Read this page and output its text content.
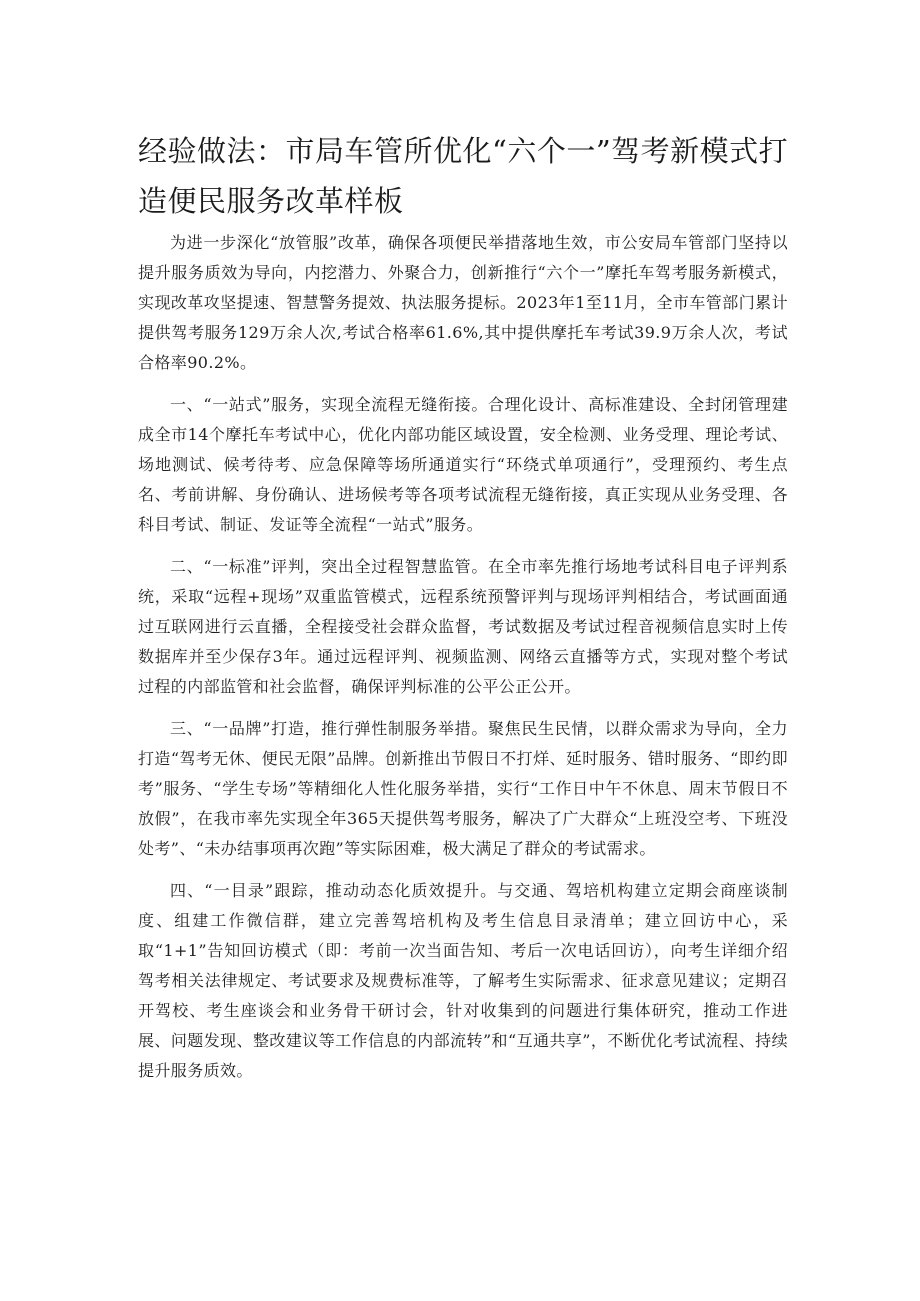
经验做法：市局车管所优化“六个一”驾考新模式打造便民服务改革样板

为进一步深化“放管服”改革，确保各项便民举措落地生效，市公安局车管部门坚持以提升服务质效为导向，内挖潜力、外聚合力，创新推行“六个一”摩托车驾考服务新模式，实现改革攻坚提速、智慧警务提效、执法服务提标。2023年1至11月，全市车管部门累计提供驾考服务129万余人次,考试合格率61.6%,其中提供摩托车考试39.9万余人次，考试合格率90.2%。

一、“一站式”服务，实现全流程无缝衔接。合理化设计、高标准建设、全封闭管理建成全市14个摩托车考试中心，优化内部功能区域设置，安全检测、业务受理、理论考试、场地测试、候考待考、应急保障等场所通道实行“环绕式单项通行”，受理预约、考生点名、考前讲解、身份确认、进场候考等各项考试流程无缝衔接，真正实现从业务受理、各科目考试、制证、发证等全流程“一站式”服务。

二、“一标准”评判，突出全过程智慧监管。在全市率先推行场地考试科目电子评判系统，采取“远程+现场”双重监管模式，远程系统预警评判与现场评判相结合，考试画面通过互联网进行云直播，全程接受社会群众监督，考试数据及考试过程音视频信息实时上传数据库并至少保存3年。通过远程评判、视频监测、网络云直播等方式，实现对整个考试过程的内部监管和社会监督，确保评判标准的公平公正公开。

三、“一品牌”打造，推行弹性制服务举措。聚焦民生民情，以群众需求为导向，全力打造“驾考无休、便民无限”品牌。创新推出节假日不打烊、延时服务、错时服务、“即约即考”服务、“学生专场”等精细化人性化服务举措，实行“工作日中午不休息、周末节假日不放假”，在我市率先实现全年365天提供驾考服务，解决了广大群众“上班没空考、下班没处考”、“未办结事项再次跑”等实际困难，极大满足了群众的考试需求。

四、“一目录”跟踪，推动动态化质效提升。与交通、驾培机构建立定期会商座谈制度、组建工作微信群，建立完善驾培机构及考生信息目录清单；建立回访中心，采取“1+1”告知回访模式（即：考前一次当面告知、考后一次电话回访），向考生详细介绍驾考相关法律规定、考试要求及规费标准等，了解考生实际需求、征求意见建议；定期召开驾校、考生座谈会和业务骨干研讨会，针对收集到的问题进行集体研究，推动工作进展、问题发现、整改建议等工作信息的内部流转”和“互通共享”，不断优化考试流程、持续提升服务质效。
